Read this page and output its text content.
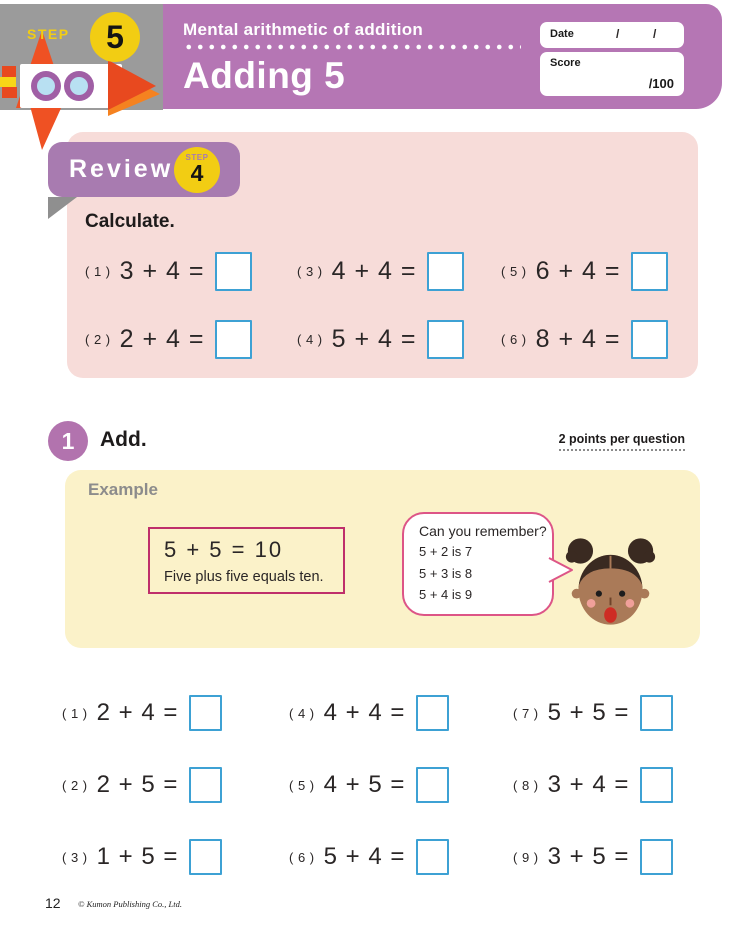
STEP	5	Mental arithmetic of addition
Adding 5
Date	/	/
Score
/100
Review	STEP
4
Calculate.
( 1 ) 3 + 4 =
( 2 ) 2 + 4 =
( 3 ) 4 + 4 =
( 4 ) 5 + 4 =
( 5 ) 6 + 4 =
( 6 ) 8 + 4 =
1	Add.	2 points per question
Example
5 + 5 = 10
Five plus five equals ten.
Can you remember?
5 + 2 is 7
5 + 3 is 8
5 + 4 is 9
( 1 ) 2 + 4 =
( 2 ) 2 + 5 =
( 3 ) 1 + 5 =
( 4 ) 4 + 4 =
( 5 ) 4 + 5 =
( 6 ) 5 + 4 =
( 7 ) 5 + 5 =
( 8 ) 3 + 4 =
( 9 ) 3 + 5 =
12 © Kumon Publishing Co., Ltd.
